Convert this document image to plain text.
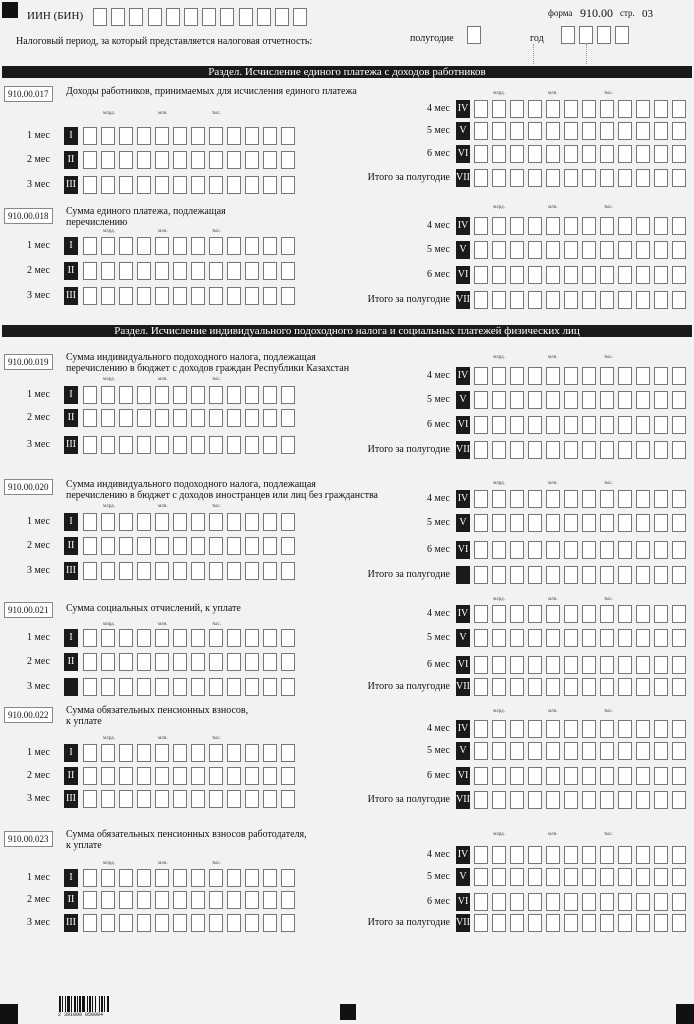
ИИН (БИН)	форма 910.00 стр. 03
Налоговый период, за который представляется налоговая отчетность:	полугодие	год
Раздел. Исчисление единого платежа с доходов работников
Раздел. Исчисление индивидуального подоходного налога и социальных платежей физических лиц
910.00.017	Доходы работников, принимаемых для исчисления единого платежа
млрд.	млн.	тыс.
млрд.	млн.	тыс.
1 мес	I
2 мес	II
3 мес III
4 мес IV
5 мес V
6 мес VI
Итого за полугодие VII
910.00.018	Сумма единого платежа, подлежащая
перечислению
млрд.	млн.	тыс.
млрд.	млн.	тыс.
1 мес	I
2 мес	II
3 мес III
4 мес IV
5 мес V
6 мес VI
Итого за полугодие VII
910.00.019	Сумма индивидуального подоходного налога, подлежащая
перечислению в бюджет с доходов граждан Республики Казахстан
млрд.	млн.	тыс.
млрд.	млн.	тыс.
1 мес	I
2 мес	II
3 мес III
4 мес IV
5 мес V
6 мес VI
Итого за полугодие VII
910.00.020	Сумма индивидуального подоходного налога, подлежащая
перечислению в бюджет с доходов иностранцев или лиц без гражданства
млрд.	млн.	тыс.
млрд.	млн.	тыс.
1 мес	I
2 мес	II
3 мес III
4 мес IV
5 мес V
6 мес VI
Итого за полугодие
910.00.021	Сумма социальных отчислений, к уплате
млрд.	млн.	тыс.
млрд.	млн.	тыс.
1 мес	I
2 мес	II
3 мес
4 мес IV
5 мес V
6 мес VI
Итого за полугодие VII
910.00.022	Сумма обязательных пенсионных взносов,
к уплате
млрд.	млн.	тыс.
млрд.	млн.	тыс.
1 мес	I
2 мес	II
3 мес III
4 мес IV
5 мес V
6 мес VI
Итого за полугодие VII
910.00.023	Сумма обязательных пенсионных взносов работодателя,
к уплате
млрд.	млн.	тыс.
млрд.	млн.	тыс.
1 мес	I
2 мес	II
3 мес III
4 мес IV
5 мес V
6 мес VI
Итого за полугодие VII
2 391000 050004
